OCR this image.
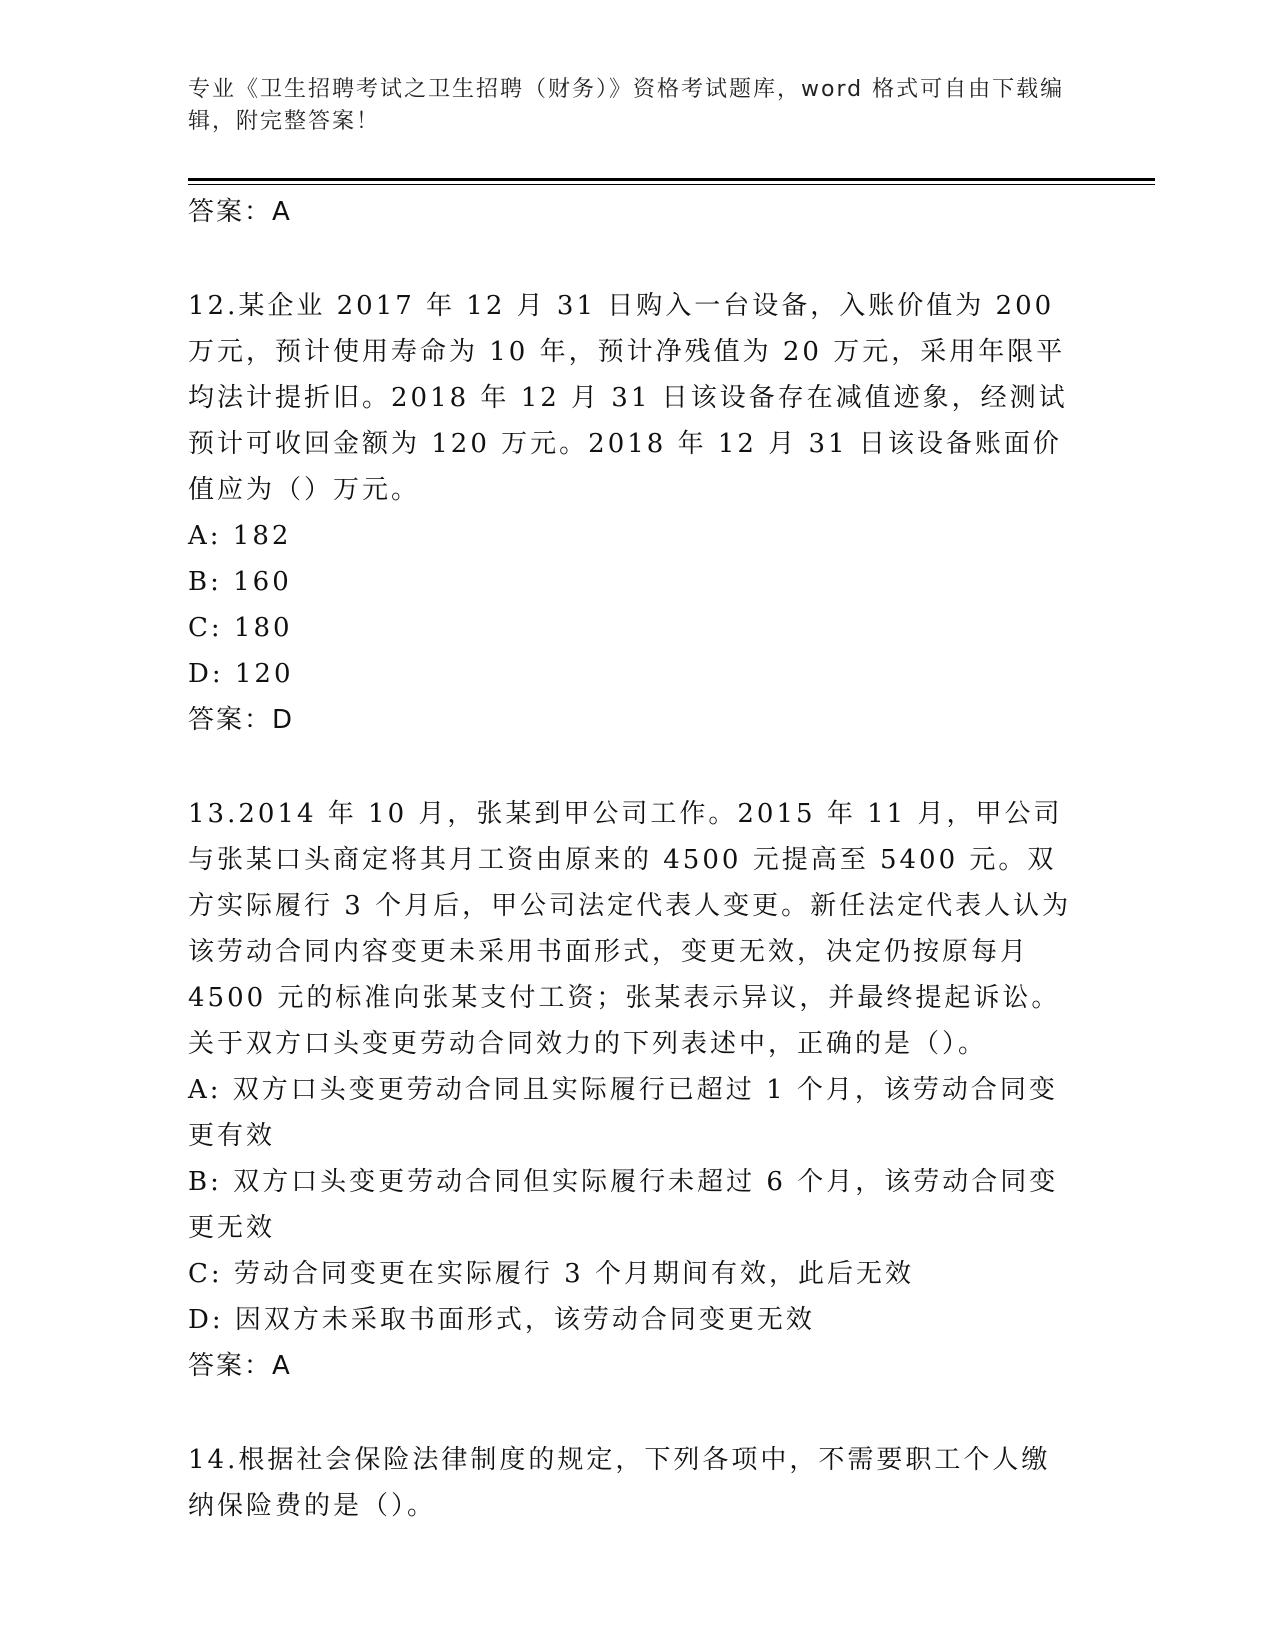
专业《卫生招聘考试之卫生招聘（财务）》资格考试题库，word 格式可自由下载编辑，附完整答案！

答案：A

12.某企业 2017 年 12 月 31 日购入一台设备，入账价值为 200 万元，预计使用寿命为 10 年，预计净残值为 20 万元，采用年限平均法计提折旧。2018 年 12 月 31 日该设备存在减值迹象，经测试预计可收回金额为 120 万元。2018 年 12 月 31 日该设备账面价值应为（）万元。

A: 182

B: 160

C: 180

D: 120

答案：D

13.2014 年 10 月，张某到甲公司工作。2015 年 11 月，甲公司与张某口头商定将其月工资由原来的 4500 元提高至 5400 元。双方实际履行 3 个月后，甲公司法定代表人变更。新任法定代表人认为该劳动合同内容变更未采用书面形式，变更无效，决定仍按原每月 4500 元的标准向张某支付工资；张某表示异议，并最终提起诉讼。关于双方口头变更劳动合同效力的下列表述中，正确的是（）。

A: 双方口头变更劳动合同且实际履行已超过 1 个月，该劳动合同变更有效

B: 双方口头变更劳动合同但实际履行未超过 6 个月，该劳动合同变更无效

C: 劳动合同变更在实际履行 3 个月期间有效，此后无效

D: 因双方未采取书面形式，该劳动合同变更无效

答案：A

14.根据社会保险法律制度的规定，下列各项中，不需要职工个人缴纳保险费的是（）。
